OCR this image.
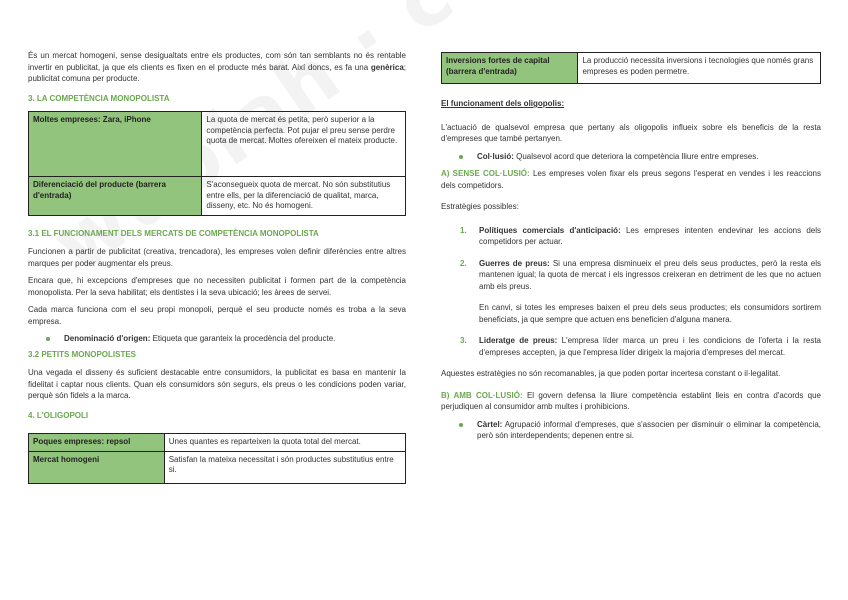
És un mercat homogeni, sense desigualtats entre els productes, com són tan semblants no és rentable invertir en publicitat, ja que els clients es fixen en el producte més barat. Així doncs, es fa una genèrica; publicitat comuna per producte.

3. LA COMPETÈNCIA MONOPOLISTA
Moltes empreses: Zara, iPhone	La quota de mercat és petita, però superior a la competència perfecta. Pot pujar el preu sense perdre quota de mercat. Moltes ofereixen el mateix producte.
Diferenciació del producte (barrera d'entrada)	S'aconsegueix quota de mercat. No són substitutius entre ells, per la diferenciació de qualitat, marca, disseny, etc. No és homogeni.
3.1 EL FUNCIONAMENT DELS MERCATS DE COMPETÈNCIA MONOPOLISTA

Funcionen a partir de publicitat (creativa, trencadora), les empreses volen definir diferències entre altres marques per poder augmentar els preus.

Encara que, hi excepcions d'empreses que no necessiten publicitat i formen part de la competència monopolista. Per la seva habilitat; els dentistes i la seva ubicació; les àrees de servei.

Cada marca funciona com el seu propi monopoli, perquè el seu producte només es troba a la seva empresa.

Denominació d'origen: Etiqueta que garanteix la procedència del producte.
3.2 PETITS MONOPOLISTES

Una vegada el disseny és suficient destacable entre consumidors, la publicitat es basa en mantenir la fidelitat i captar nous clients. Quan els consumidors són segurs, els preus o les condicions poden variar, perquè són fidels a la marca.

4. L'OLIGOPOLI
Poques empreses: repsol	Unes quantes es reparteixen la quota total del mercat.
Mercat homogeni	Satisfan la mateixa necessitat i són productes substitutius entre si.
Inversions fortes de capital (barrera d'entrada)	La producció necessita inversions i tecnologies que només grans empreses es poden permetre.

El funcionament dels oligopolis:

L'actuació de qualsevol empresa que pertany als oligopolis influeix sobre els beneficis de la resta d'empreses que també pertanyen.

Col·lusió: Qualsevol acord que deteriora la competència lliure entre empreses.

A) SENSE COL·LUSIÓ: Les empreses volen fixar els preus segons l'esperat en vendes i les reaccions dels competidors.

Estratègies possibles:

1. Polítiques comercials d'anticipació: Les empreses intenten endevinar les accions dels competidors per actuar.
2. Guerres de preus: Si una empresa disminueix el preu dels seus productes, però la resta els mantenen igual; la quota de mercat i els ingressos creixeran en detriment de les que no actuen amb els preus.
En canvi, si totes les empreses baixen el preu dels seus productes; els consumidors sortirem beneficiats, ja que sempre que actuen ens beneficien d'alguna manera.
3. Lideratge de preus: L'empresa líder marca un preu i les condicions de l'oferta i la resta d'empreses accepten, ja que l'empresa líder dirigeix la majoria d'empreses del mercat.

Aquestes estratègies no són recomanables, ja que poden portar incertesa constant o il·legalitat.

B) AMB COL·LUSIÓ: El govern defensa la lliure competència establint lleis en contra d'acords que perjudiquen al consumidor amb multes i prohibicions.

Càrtel: Agrupació informal d'empreses, que s'associen per disminuir o eliminar la competència, però són interdependents; depenen entre si.
